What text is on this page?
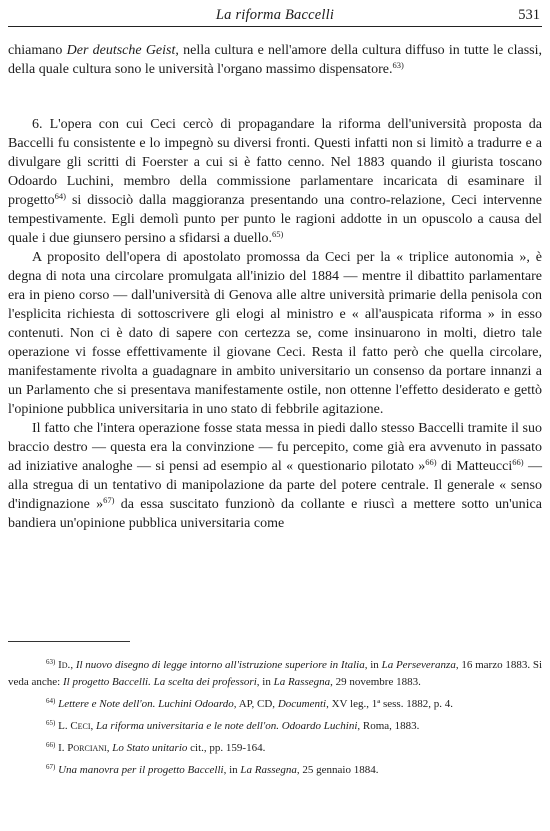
La riforma Baccelli	531

chiamano Der deutsche Geist, nella cultura e nell'amore della cultura diffuso in tutte le classi, della quale cultura sono le università l'organo massimo dispensatore.$^{63)}$

6. L'opera con cui Ceci cercò di propagandare la riforma dell'università proposta da Baccelli fu consistente e lo impegnò su diversi fronti. Questi infatti non si limitò a tradurre e a divulgare gli scritti di Foerster a cui si è fatto cenno. Nel 1883 quando il giurista toscano Odoardo Luchini, membro della commissione parlamentare incaricata di esaminare il progetto$^{64)}$ si dissociò dalla maggioranza presentando una contro-relazione, Ceci intervenne tempestivamente. Egli demolì punto per punto le ragioni addotte in un opuscolo a causa del quale i due giunsero persino a sfidarsi a duello.$^{65)}$

A proposito dell'opera di apostolato promossa da Ceci per la « triplice autonomia », è degna di nota una circolare promulgata all'inizio del 1884 — mentre il dibattito parlamentare era in pieno corso — dall'università di Genova alle altre università primarie della penisola con l'esplicita richiesta di sottoscrivere gli elogi al ministro e « all'auspicata riforma » in esso contenuti. Non ci è dato di sapere con certezza se, come insinuarono in molti, dietro tale operazione vi fosse effettivamente il giovane Ceci. Resta il fatto però che quella circolare, manifestamente rivolta a guadagnare in ambito universitario un consenso da portare innanzi a un Parlamento che si presentava manifestamente ostile, non ottenne l'effetto desiderato e gettò l'opinione pubblica universitaria in uno stato di febbrile agitazione.

Il fatto che l'intera operazione fosse stata messa in piedi dallo stesso Baccelli tramite il suo braccio destro — questa era la convinzione — fu percepito, come già era avvenuto in passato ad iniziative analoghe — si pensi ad esempio al « questionario pilotato »$^{66)}$ di Matteucci$^{66)}$ — alla stregua di un tentativo di manipolazione da parte del potere centrale. Il generale « senso d'indignazione »$^{67)}$ da essa suscitato funzionò da collante e riuscì a mettere sotto un'unica bandiera un'opinione pubblica universitaria come

$^{63)}$ Id., Il nuovo disegno di legge intorno all'istruzione superiore in Italia, in La Perseveranza, 16 marzo 1883. Si veda anche: Il progetto Baccelli. La scelta dei professori, in La Rassegna, 29 novembre 1883.

$^{64)}$ Lettere e Note dell'on. Luchini Odoardo, AP, CD, Documenti, XV leg., 1ª sess. 1882, p. 4.

$^{65)}$ L. Ceci, La riforma universitaria e le note dell'on. Odoardo Luchini, Roma, 1883.

$^{66)}$ I. Porciani, Lo Stato unitario cit., pp. 159-164.

$^{67)}$ Una manovra per il progetto Baccelli, in La Rassegna, 25 gennaio 1884.
